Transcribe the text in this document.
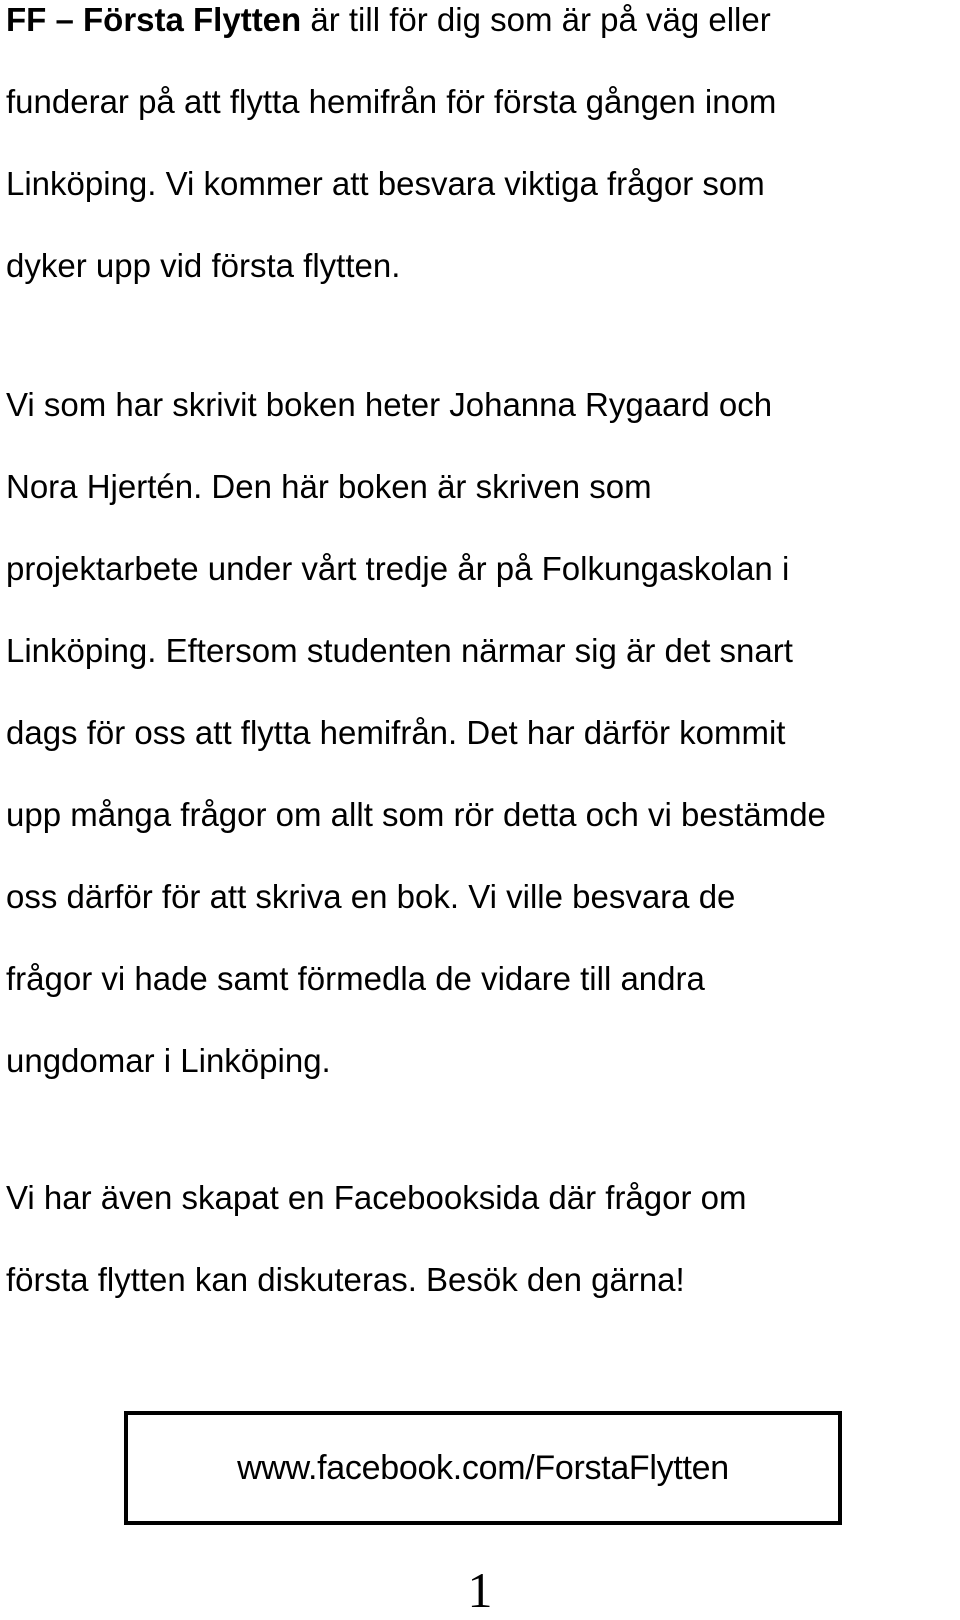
FF – Första Flytten är till för dig som är på väg eller
funderar på att flytta hemifrån för första gången inom
Linköping. Vi kommer att besvara viktiga frågor som
dyker upp vid första flytten.

Vi som har skrivit boken heter Johanna Rygaard och
Nora Hjertén. Den här boken är skriven som
projektarbete under vårt tredje år på Folkungaskolan i
Linköping. Eftersom studenten närmar sig är det snart
dags för oss att flytta hemifrån. Det har därför kommit
upp många frågor om allt som rör detta och vi bestämde
oss därför för att skriva en bok. Vi ville besvara de
frågor vi hade samt förmedla de vidare till andra
ungdomar i Linköping.

Vi har även skapat en Facebooksida där frågor om
första flytten kan diskuteras. Besök den gärna!

www.facebook.com/ForstaFlytten
1
